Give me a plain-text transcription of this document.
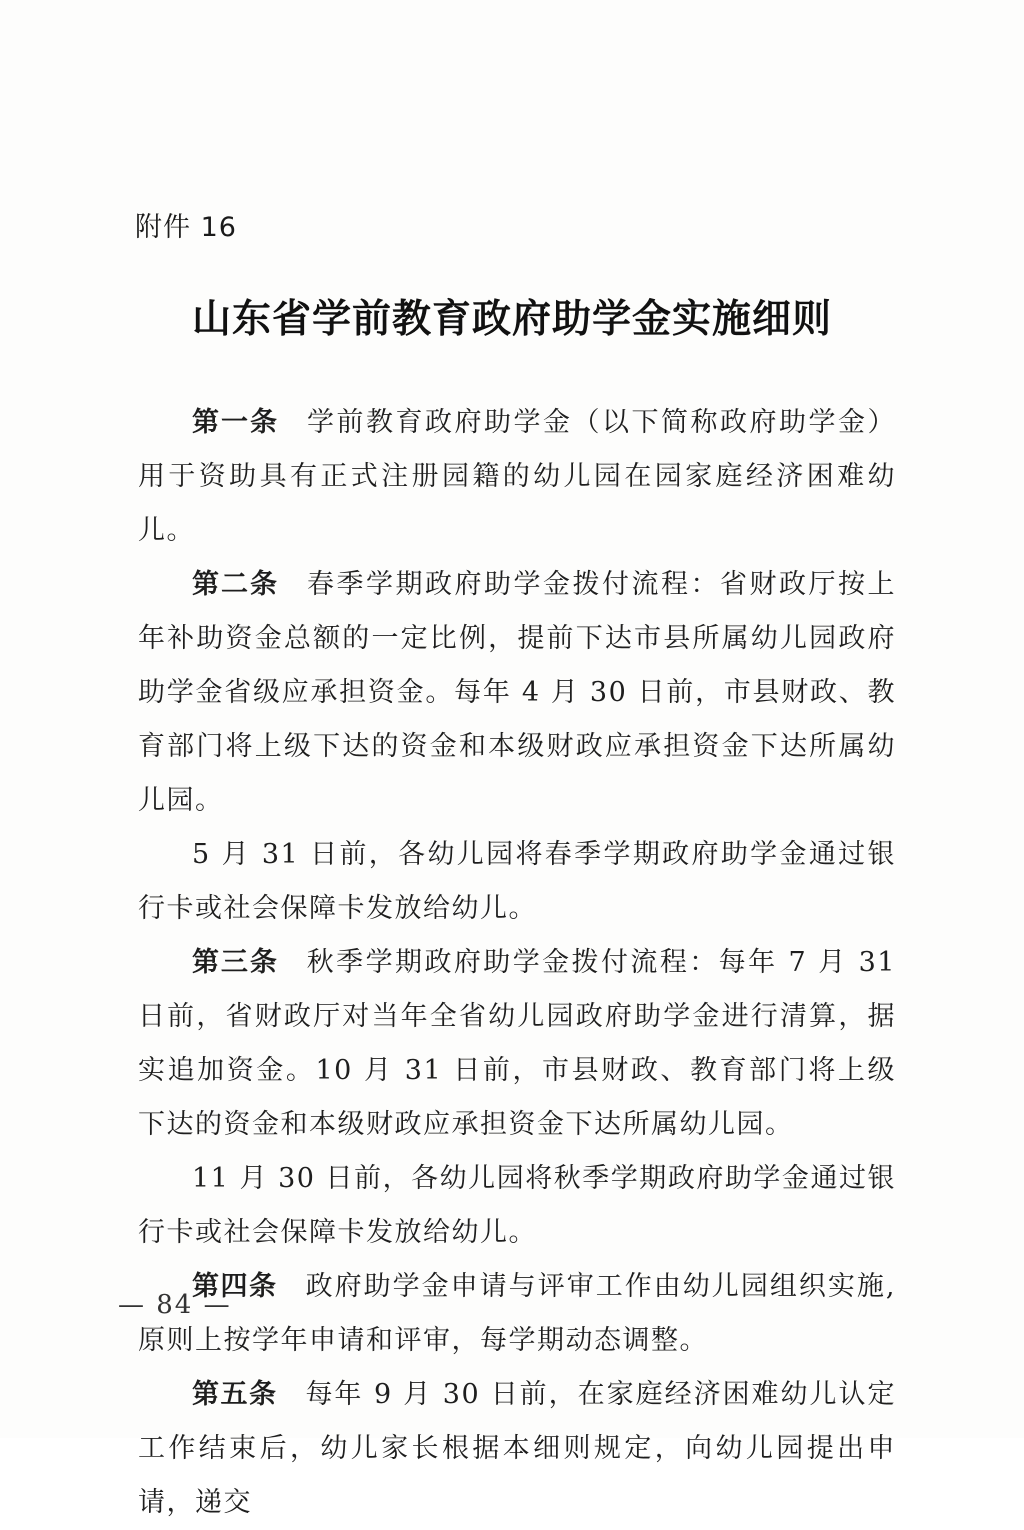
附件 16
山东省学前教育政府助学金实施细则

第一条 学前教育政府助学金（以下简称政府助学金）用于资助具有正式注册园籍的幼儿园在园家庭经济困难幼儿。

第二条 春季学期政府助学金拨付流程：省财政厅按上年补助资金总额的一定比例，提前下达市县所属幼儿园政府助学金省级应承担资金。每年 4 月 30 日前，市县财政、教育部门将上级下达的资金和本级财政应承担资金下达所属幼儿园。

5 月 31 日前，各幼儿园将春季学期政府助学金通过银行卡或社会保障卡发放给幼儿。

第三条 秋季学期政府助学金拨付流程：每年 7 月 31 日前，省财政厅对当年全省幼儿园政府助学金进行清算，据实追加资金。10 月 31 日前，市县财政、教育部门将上级下达的资金和本级财政应承担资金下达所属幼儿园。

11 月 30 日前，各幼儿园将秋季学期政府助学金通过银行卡或社会保障卡发放给幼儿。

第四条 政府助学金申请与评审工作由幼儿园组织实施,原则上按学年申请和评审，每学期动态调整。

第五条 每年 9 月 30 日前，在家庭经济困难幼儿认定工作结束后，幼儿家长根据本细则规定，向幼儿园提出申请，递交

— 84 —
